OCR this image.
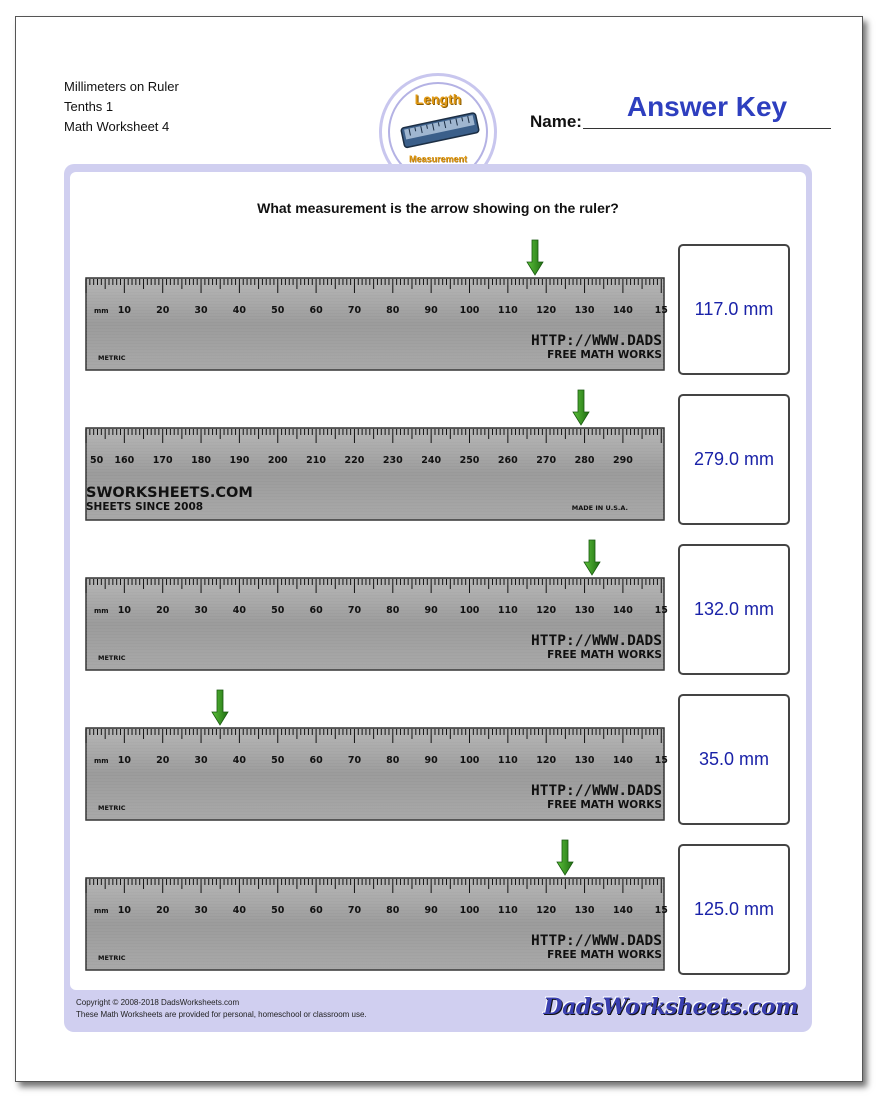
Millimeters on Ruler
Tenths 1
Math Worksheet 4
Length
Measurement
Name:	Answer Key
What measurement is the arrow showing on the ruler?
10	20	30	40	50	60	70	80	90 100 110 120 130 140 15
mm
HTTP://WWW.DADS
FREE MATH WORKS
METRIC
117.0 mm
50 160 170 180 190 200 210 220 230 240 250 260 270 280 290
SWORKSHEETS.COM
SHEETS SINCE 2008	MADE IN U.S.A.
279.0 mm
10	20	30	40	50	60	70	80	90 100 110 120 130 140 15
mm
HTTP://WWW.DADS
FREE MATH WORKS
METRIC
132.0 mm
10	20	30	40	50	60	70	80	90 100 110 120 130 140 15
mm
HTTP://WWW.DADS
FREE MATH WORKS
METRIC
35.0 mm
10	20	30	40	50	60	70	80	90 100 110 120 130 140 15
mm
HTTP://WWW.DADS
FREE MATH WORKS
METRIC
125.0 mm
Copyright © 2008-2018 DadsWorksheets.com
These Math Worksheets are provided for personal, homeschool or classroom use.	DadsWorksheets.com
